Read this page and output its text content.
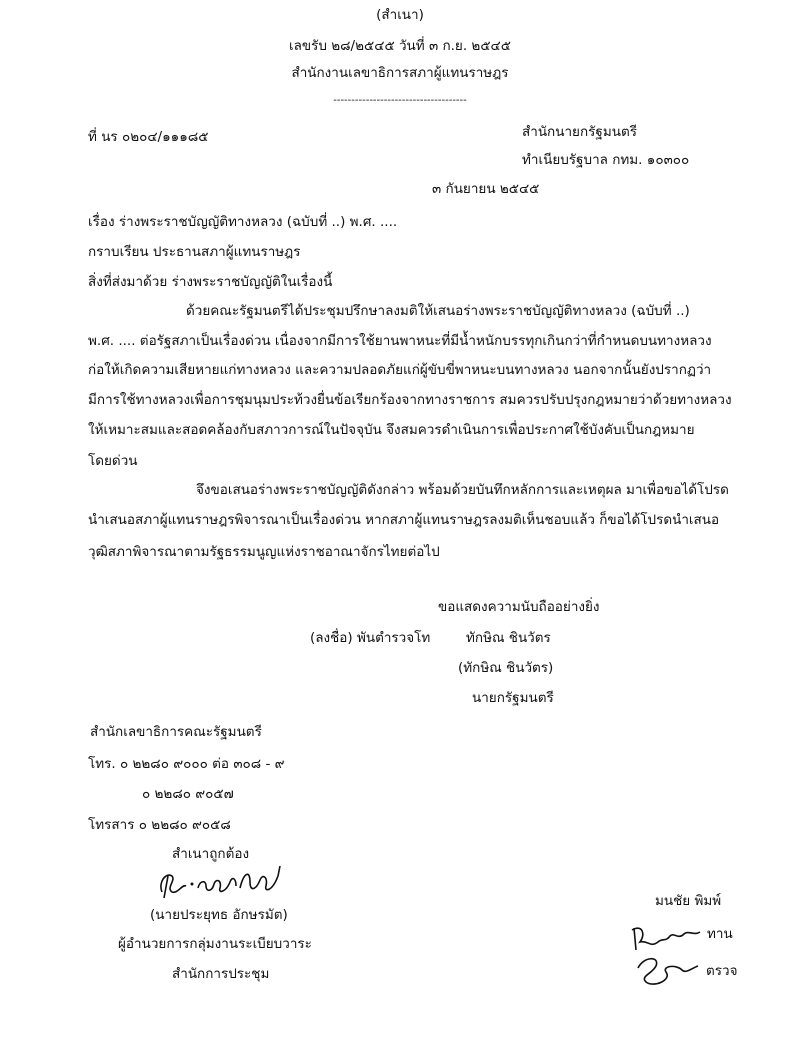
(สำเนา)
เลขรับ ๒๘/๒๕๔๕ วันที่ ๓ ก.ย. ๒๕๔๕
สำนักงานเลขาธิการสภาผู้แทนราษฎร
-------------------------------------
ที่ นร ๐๒๐๔/๑๑๑๘๕	สำนักนายกรัฐมนตรี
ทำเนียบรัฐบาล กทม. ๑๐๓๐๐
๓ กันยายน ๒๕๔๕
เรื่อง ร่างพระราชบัญญัติทางหลวง (ฉบับที่ ..) พ.ศ. ....
กราบเรียน ประธานสภาผู้แทนราษฎร
สิ่งที่ส่งมาด้วย ร่างพระราชบัญญัติในเรื่องนี้
ด้วยคณะรัฐมนตรีได้ประชุมปรึกษาลงมติให้เสนอร่างพระราชบัญญัติทางหลวง (ฉบับที่ ..)
พ.ศ. .... ต่อรัฐสภาเป็นเรื่องด่วน เนื่องจากมีการใช้ยานพาหนะที่มีน้ำหนักบรรทุกเกินกว่าที่กำหนดบนทางหลวง
ก่อให้เกิดความเสียหายแก่ทางหลวง และความปลอดภัยแก่ผู้ขับขี่พาหนะบนทางหลวง นอกจากนั้นยังปรากฏว่า
มีการใช้ทางหลวงเพื่อการชุมนุมประท้วงยื่นข้อเรียกร้องจากทางราชการ สมควรปรับปรุงกฎหมายว่าด้วยทางหลวง
ให้เหมาะสมและสอดคล้องกับสภาวการณ์ในปัจจุบัน จึงสมควรดำเนินการเพื่อประกาศใช้บังคับเป็นกฎหมาย
โดยด่วน
จึงขอเสนอร่างพระราชบัญญัติดังกล่าว พร้อมด้วยบันทึกหลักการและเหตุผล มาเพื่อขอได้โปรด
นำเสนอสภาผู้แทนราษฎรพิจารณาเป็นเรื่องด่วน หากสภาผู้แทนราษฎรลงมติเห็นชอบแล้ว ก็ขอได้โปรดนำเสนอ
วุฒิสภาพิจารณาตามรัฐธรรมนูญแห่งราชอาณาจักรไทยต่อไป
ขอแสดงความนับถืออย่างยิ่ง
(ลงชื่อ) พันตำรวจโท	ทักษิณ ชินวัตร
(ทักษิณ ชินวัตร)
นายกรัฐมนตรี
สำนักเลขาธิการคณะรัฐมนตรี
โทร. ๐ ๒๒๘๐ ๙๐๐๐ ต่อ ๓๐๘ - ๙
๐ ๒๒๘๐ ๙๐๕๗
โทรสาร ๐ ๒๒๘๐ ๙๐๕๘
สำเนาถูกต้อง
(นายประยุทธ อักษรมัต)
ผู้อำนวยการกลุ่มงานระเบียบวาระ
สำนักการประชุม
มนชัย พิมพ์
ทาน
ตรวจ
